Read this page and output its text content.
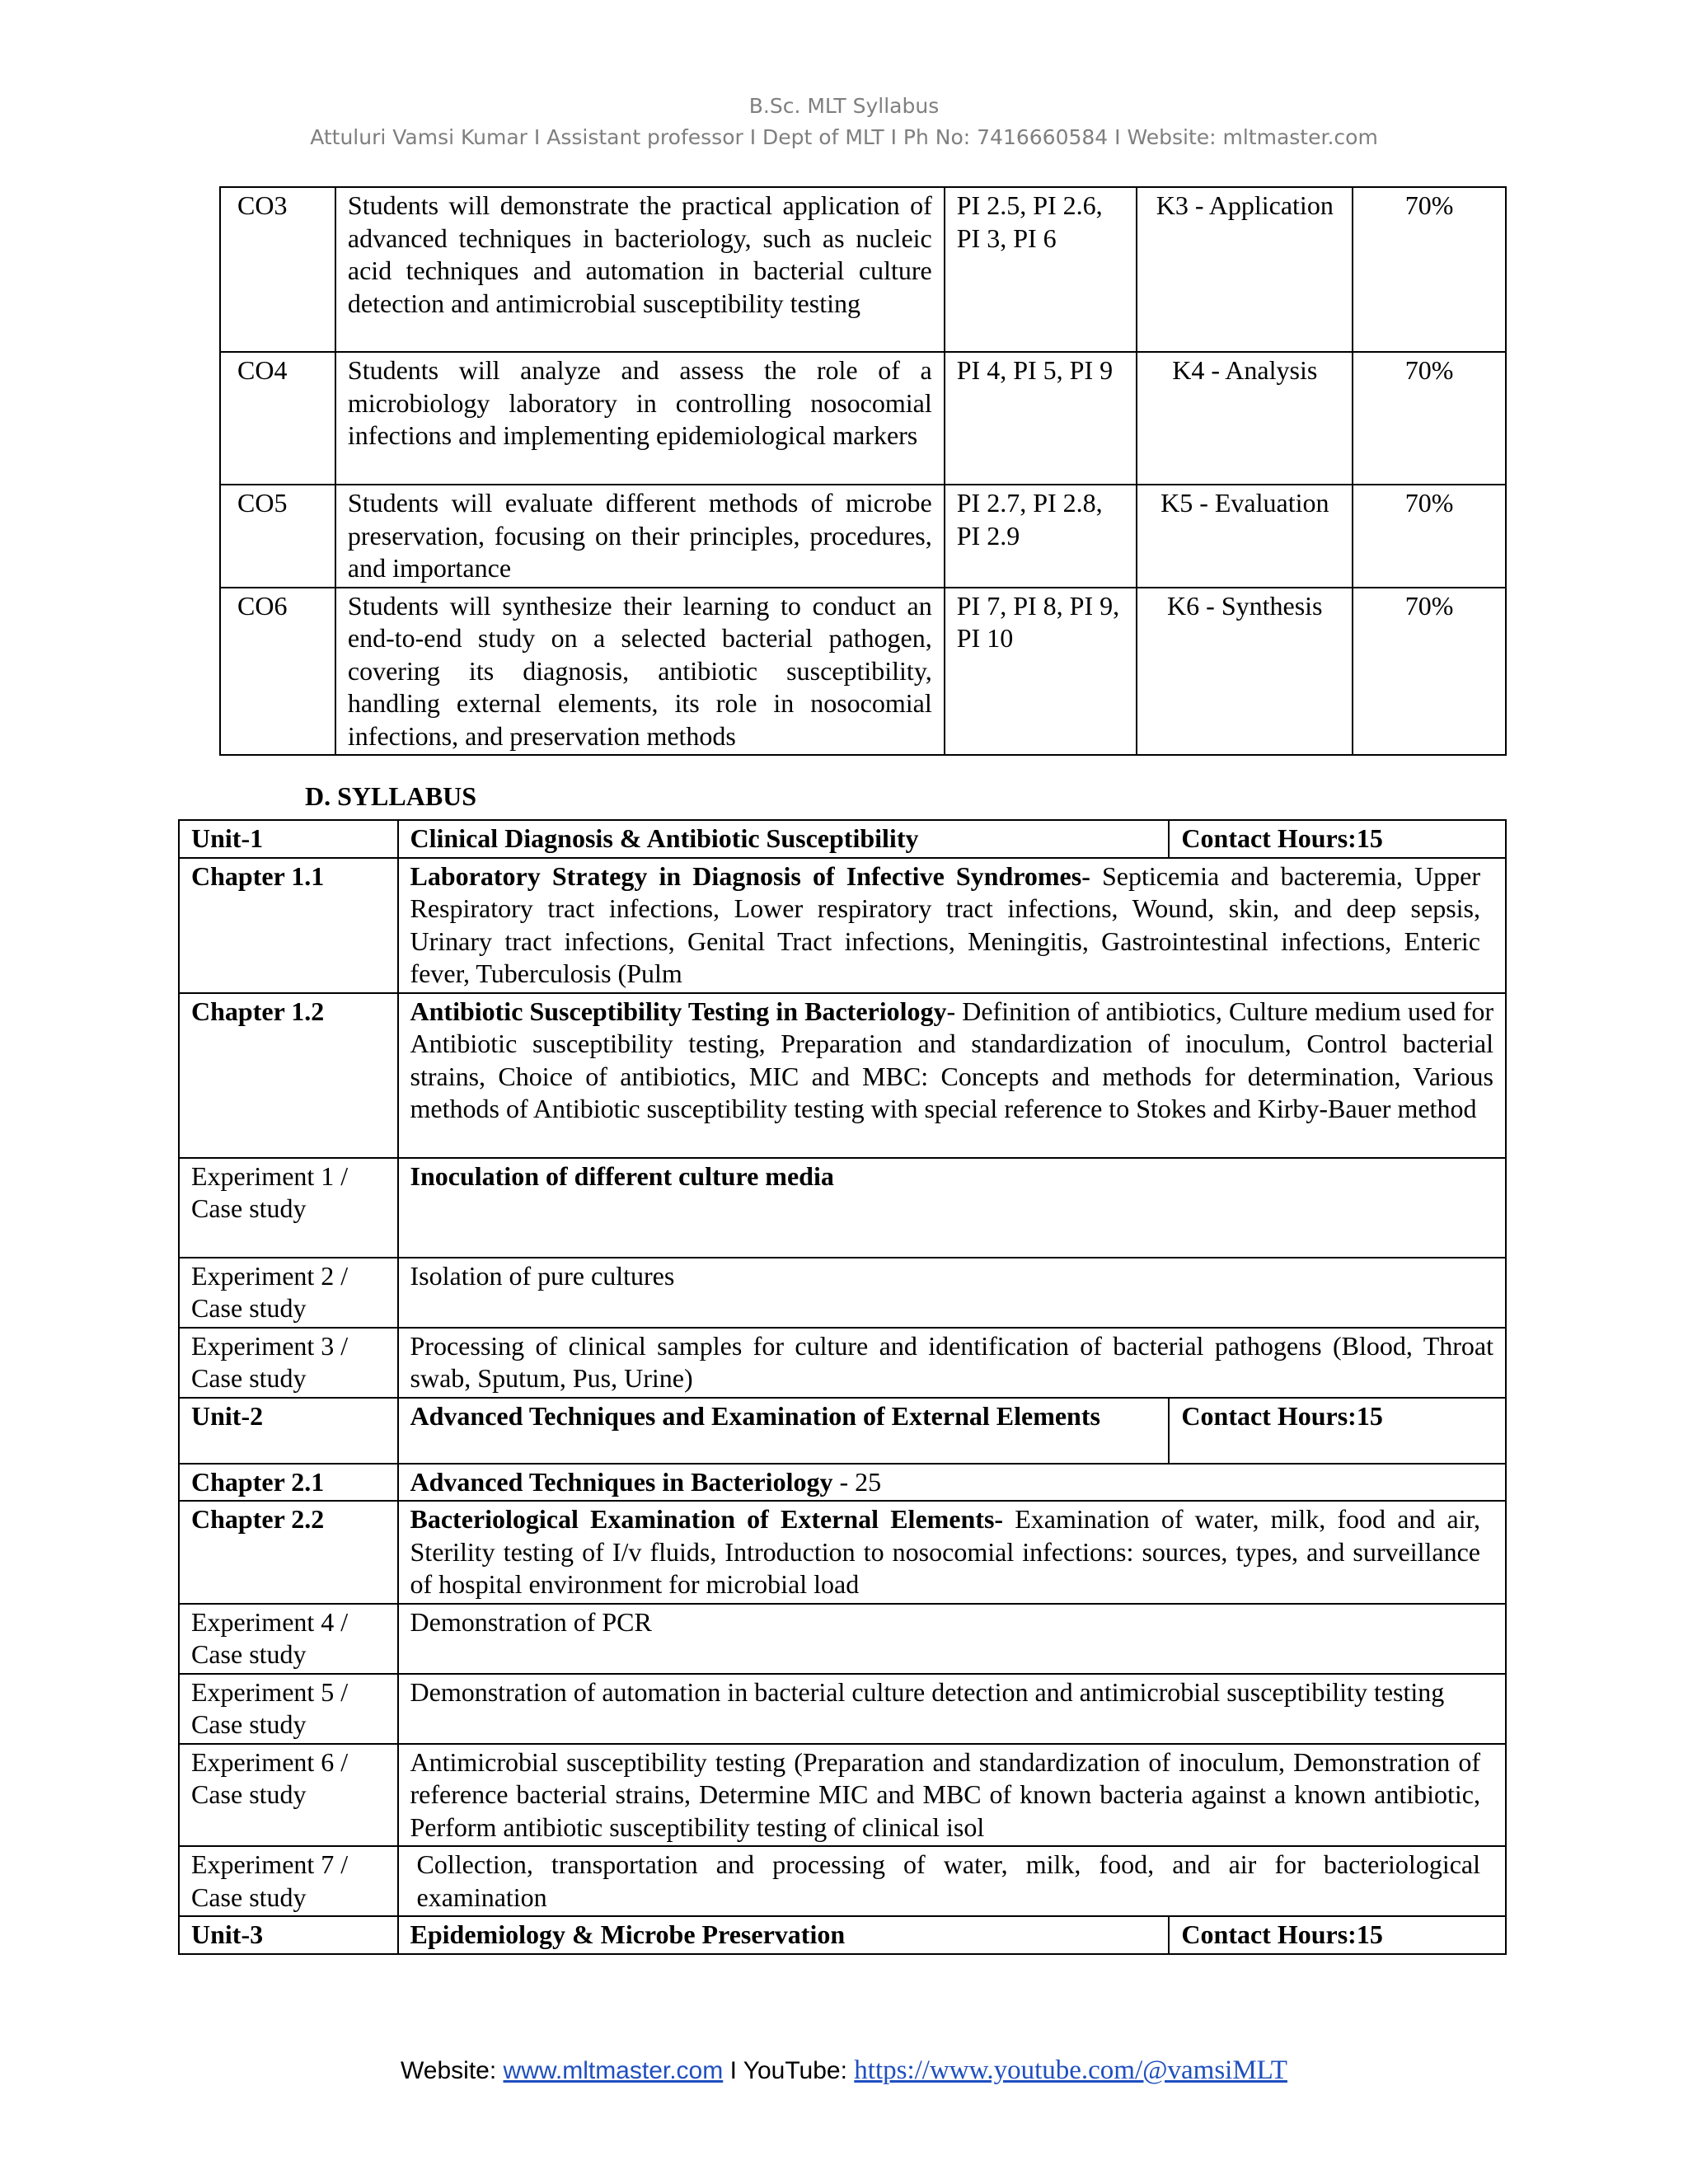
B.Sc. MLT Syllabus
Attuluri Vamsi Kumar I Assistant professor I Dept of MLT I Ph No: 7416660584 I Website: mltmaster.com
CO3	Students will demonstrate the practical application of advanced techniques in bacteriology, such as nucleic acid techniques and automation in bacterial culture detection and antimicrobial susceptibility testing	PI 2.5, PI 2.6, PI 3, PI 6	K3 - Application	70%
CO4	Students will analyze and assess the role of a microbiology laboratory in controlling nosocomial infections and implementing epidemiological markers	PI 4, PI 5, PI 9	K4 - Analysis	70%
CO5	Students will evaluate different methods of microbe preservation, focusing on their principles, procedures, and importance	PI 2.7, PI 2.8, PI 2.9	K5 - Evaluation	70%
CO6	Students will synthesize their learning to conduct an end-to-end study on a selected bacterial pathogen, covering its diagnosis, antibiotic susceptibility, handling external elements, its role in nosocomial infections, and preservation methods	PI 7, PI 8, PI 9, PI 10	K6 - Synthesis	70%
D. SYLLABUS
Unit-1	Clinical Diagnosis & Antibiotic Susceptibility	Contact Hours:15
Chapter 1.1	Laboratory Strategy in Diagnosis of Infective Syndromes- Septicemia and bacteremia, Upper Respiratory tract infections, Lower respiratory tract infections, Wound, skin, and deep sepsis, Urinary tract infections, Genital Tract infections, Meningitis, Gastrointestinal infections, Enteric fever, Tuberculosis (Pulm	
Chapter 1.2	Antibiotic Susceptibility Testing in Bacteriology- Definition of antibiotics, Culture medium used for Antibiotic susceptibility testing, Preparation and standardization of inoculum, Control bacterial strains, Choice of antibiotics, MIC and MBC: Concepts and methods for determination, Various methods of Antibiotic susceptibility testing with special reference to Stokes and Kirby-Bauer method	
Experiment 1 / Case study	Inoculation of different culture media	
Experiment 2 / Case study	Isolation of pure cultures	
Experiment 3 / Case study	Processing of clinical samples for culture and identification of bacterial pathogens (Blood, Throat swab, Sputum, Pus, Urine)	
Unit-2	Advanced Techniques and Examination of External Elements	Contact Hours:15
Chapter 2.1	Advanced Techniques in Bacteriology - 25	
Chapter 2.2	Bacteriological Examination of External Elements- Examination of water, milk, food and air, Sterility testing of I/v fluids, Introduction to nosocomial infections: sources, types, and surveillance of hospital environment for microbial load	
Experiment 4 / Case study	Demonstration of PCR	
Experiment 5 / Case study	Demonstration of automation in bacterial culture detection and antimicrobial susceptibility testing	
Experiment 6 / Case study	Antimicrobial susceptibility testing (Preparation and standardization of inoculum, Demonstration of reference bacterial strains, Determine MIC and MBC of known bacteria against a known antibiotic, Perform antibiotic susceptibility testing of clinical isol	
Experiment 7 / Case study	Collection, transportation and processing of water, milk, food, and air for bacteriological examination	
Unit-3	Epidemiology & Microbe Preservation	Contact Hours:15
Website: www.mltmaster.com I YouTube: https://www.youtube.com/@vamsiMLT
